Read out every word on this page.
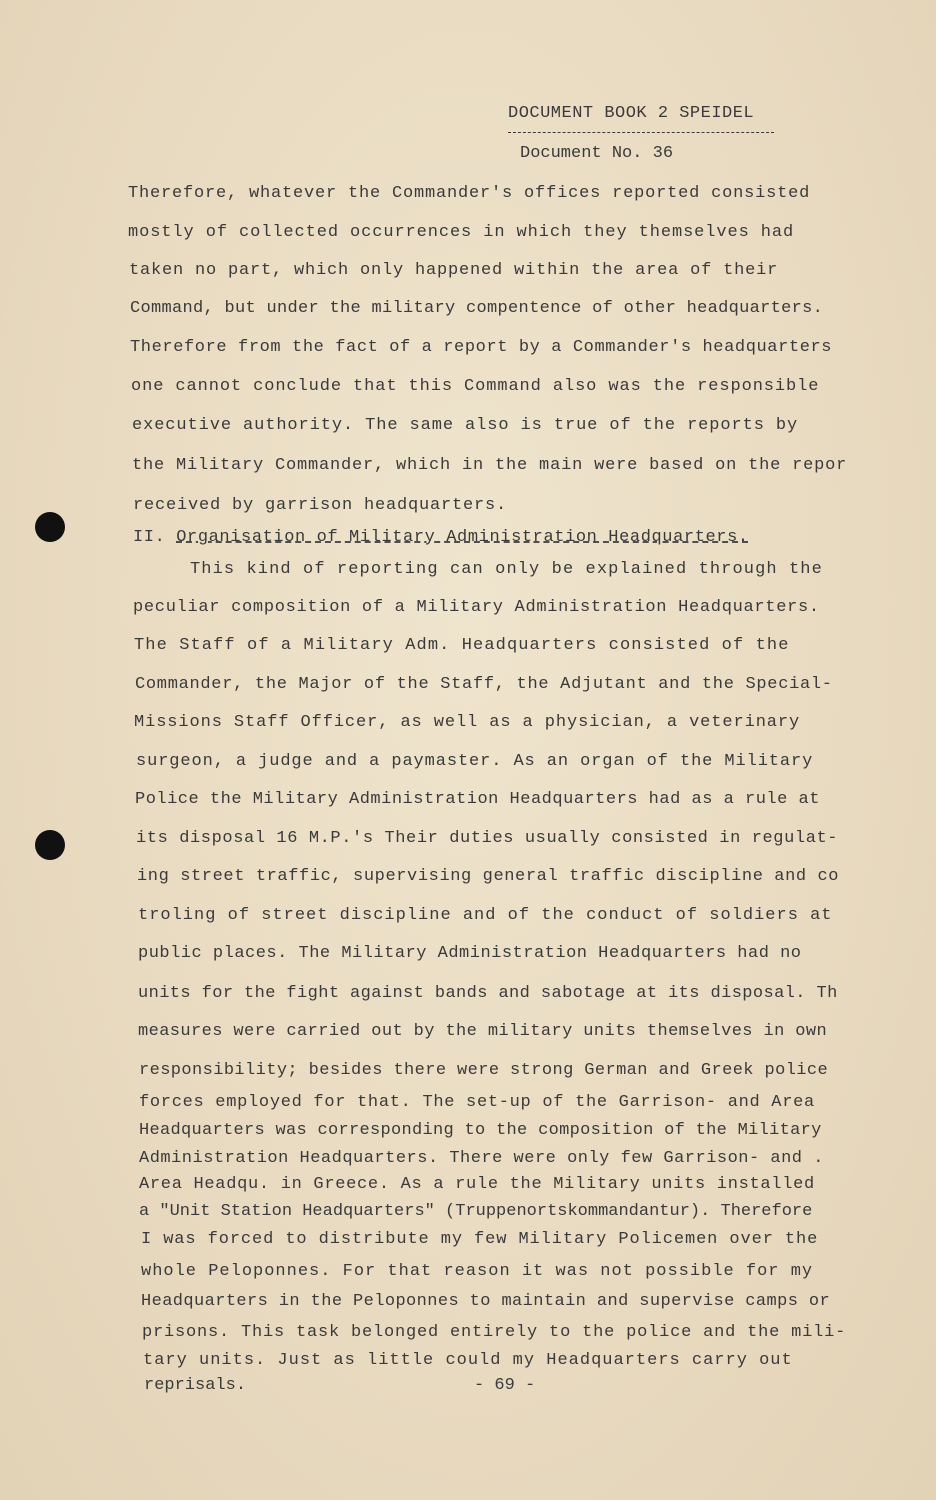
DOCUMENT BOOK 2 SPEIDEL
Document No. 36
Therefore, whatever the Commander's offices reported consisted
mostly of collected occurrences in which they themselves had
taken no part, which only happened within the area of their
Command, but under the military compentence of other headquarters.
Therefore from the fact of a report by a Commander's headquarters
one cannot conclude that this Command also was the responsible
executive authority. The same also is true of the reports by
the Military Commander, which in the main were based on the repor
received by garrison headquarters.
II. Organisation of Military Administration Headquarters.
This kind of reporting can only be explained through the
peculiar composition of a Military Administration Headquarters.
The Staff of a Military Adm. Headquarters consisted of the
Commander, the Major of the Staff, the Adjutant and the Special-
Missions Staff Officer, as well as a physician, a veterinary
surgeon, a judge and a paymaster. As an organ of the Military
Police the Military Administration Headquarters had as a rule at
its disposal 16 M.P.'s Their duties usually consisted in regulat-
ing street traffic, supervising general traffic discipline and co
troling of street discipline and of the conduct of soldiers at
public places. The Military Administration Headquarters had no
units for the fight against bands and sabotage at its disposal. Th
measures were carried out by the military units themselves in own
responsibility; besides there were strong German and Greek police
forces employed for that. The set-up of the Garrison- and Area
Headquarters was corresponding to the composition of the Military
Administration Headquarters. There were only few Garrison- and .
Area Headqu. in Greece. As a rule the Military units installed
a "Unit Station Headquarters" (Truppenortskommandantur). Therefore
I was forced to distribute my few Military Policemen over the
whole Peloponnes. For that reason it was not possible for my
Headquarters in the Peloponnes to maintain and supervise camps or
prisons. This task belonged entirely to the police and the mili-
tary units. Just as little could my Headquarters carry out
reprisals.	- 69 -
